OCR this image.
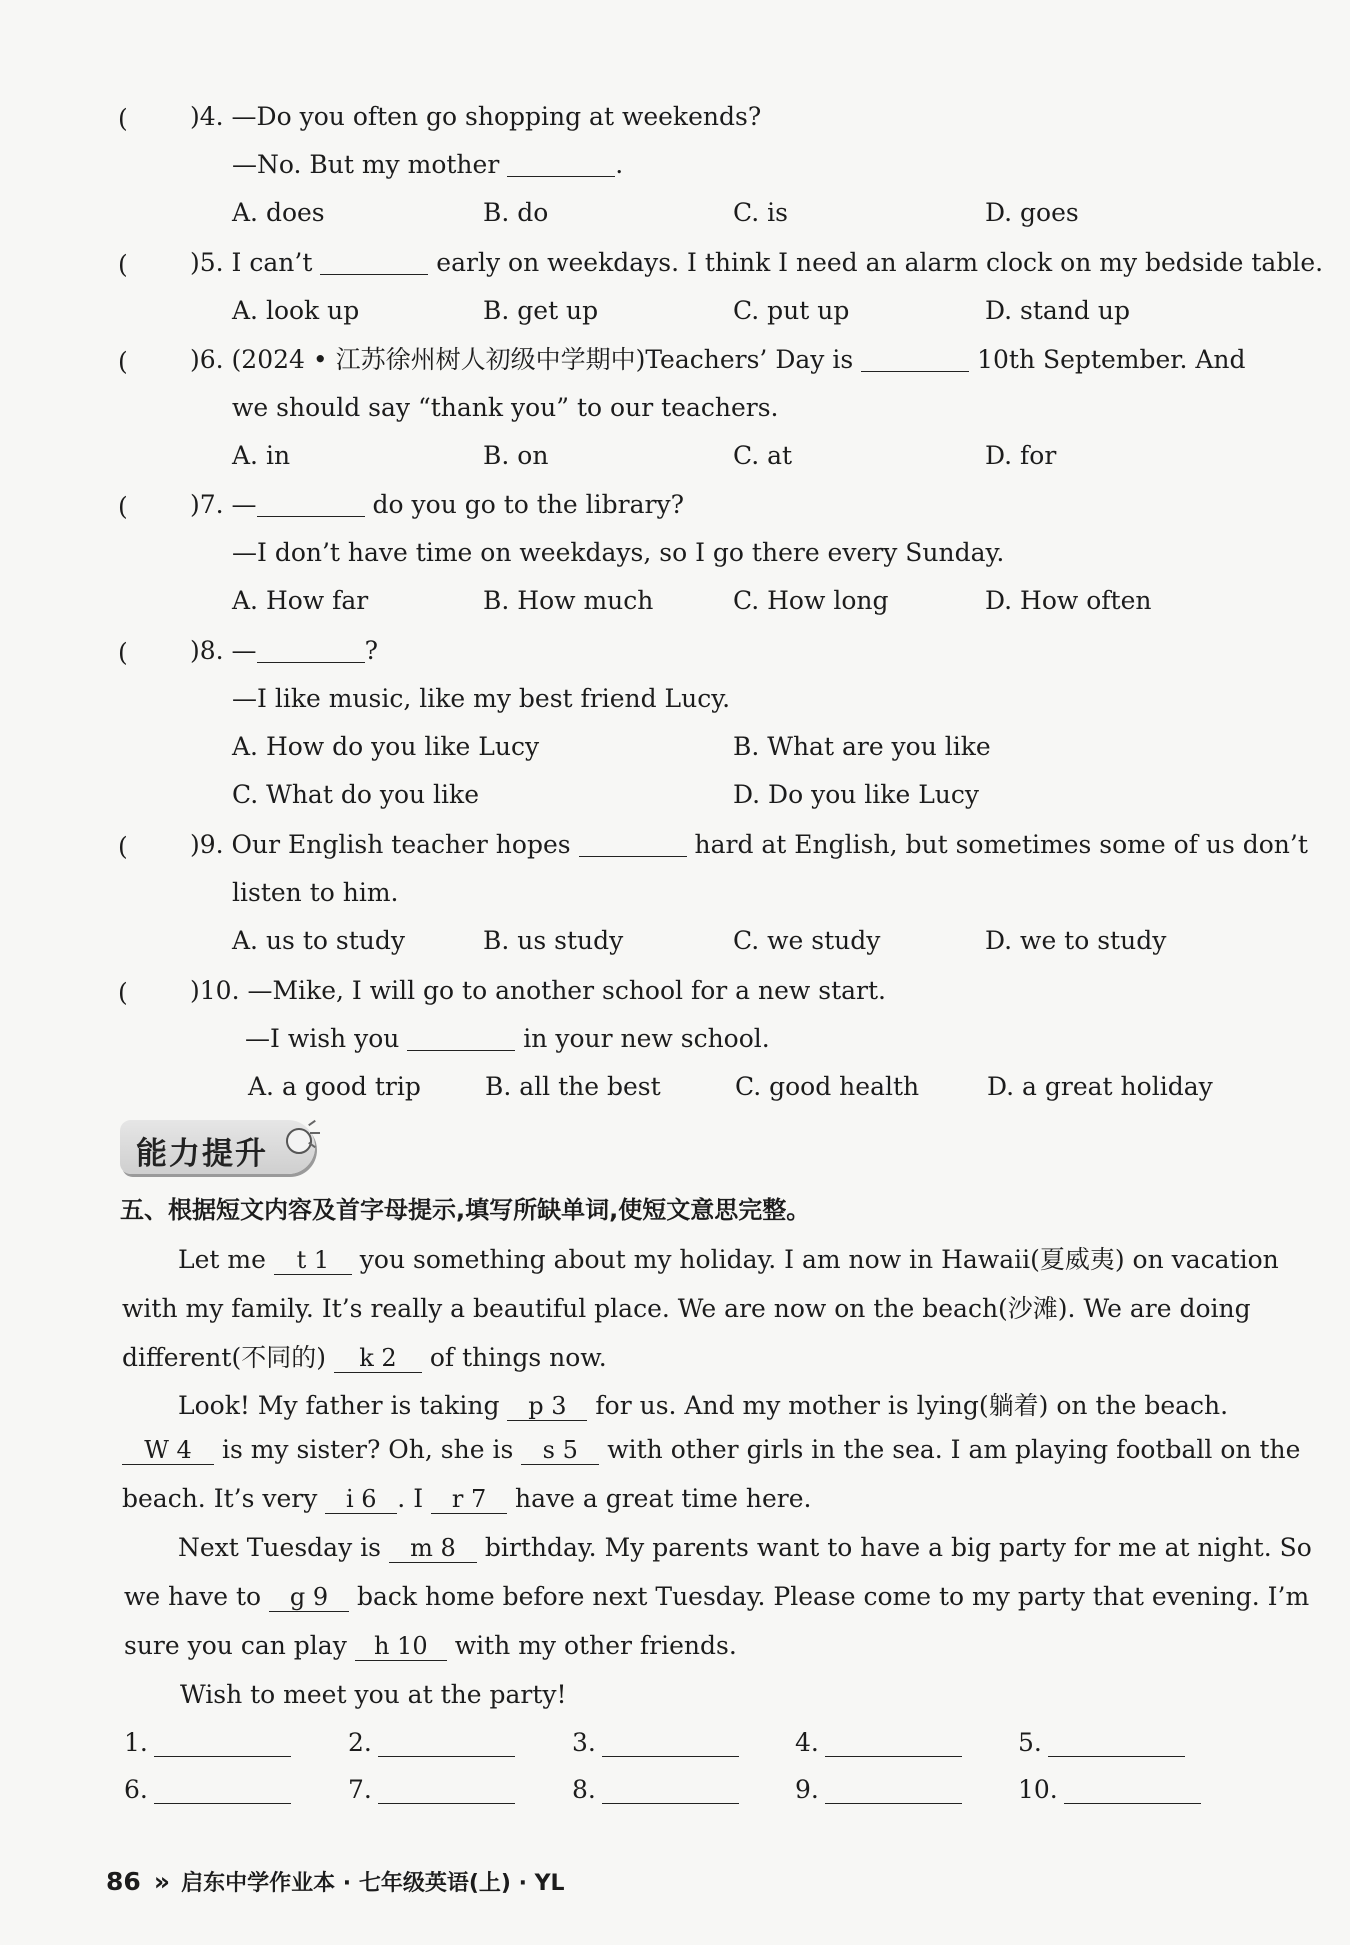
( )4. —Do you often go shopping at weekends?
—No. But my mother	.
A. does	B. do	C. is	D. goes
( )5. I can’t	early on weekdays. I think I need an alarm clock on my bedside table.
A. look up	B. get up	C. put up	D. stand up
( )6. (2024 • 江苏徐州树人初级中学期中)Teachers’ Day is	10th September. And
we should say “thank you” to our teachers.
A. in	B. on	C. at	D. for
( )7. —	do you go to the library?
—I don’t have time on weekdays, so I go there every Sunday.
A. How far	B. How much	C. How long	D. How often
( )8. —	?
—I like music, like my best friend Lucy.
A. How do you like Lucy	B. What are you like
C. What do you like	D. Do you like Lucy
( )9. Our English teacher hopes	hard at English, but sometimes some of us don’t
listen to him.
A. us to study	B. us study	C. we study	D. we to study
( )10. —Mike, I will go to another school for a new start.
—I wish you	in your new school.
A. a good trip	B. all the best	C. good health	D. a great holiday
能力提升
五、根据短文内容及首字母提示,填写所缺单词,使短文意思完整。
Let me t 1 you something about my holiday. I am now in Hawaii(夏威夷) on vacation
with my family. It’s really a beautiful place. We are now on the beach(沙滩). We are doing
different(不同的) k 2 of things now.
Look! My father is taking p 3 for us. And my mother is lying(躺着) on the beach.
W 4 is my sister? Oh, she is s 5 with other girls in the sea. I am playing football on the
beach. It’s very i 6 . I r 7 have a great time here.
Next Tuesday is m 8 birthday. My parents want to have a big party for me at night. So
we have to g 9 back home before next Tuesday. Please come to my party that evening. I’m
sure you can play h 10 with my other friends.
Wish to meet you at the party!
1.	2.	3.	4.	5.
6.	7.	8.	9.	10.
86 » 启东中学作业本 · 七年级英语(上) · YL
